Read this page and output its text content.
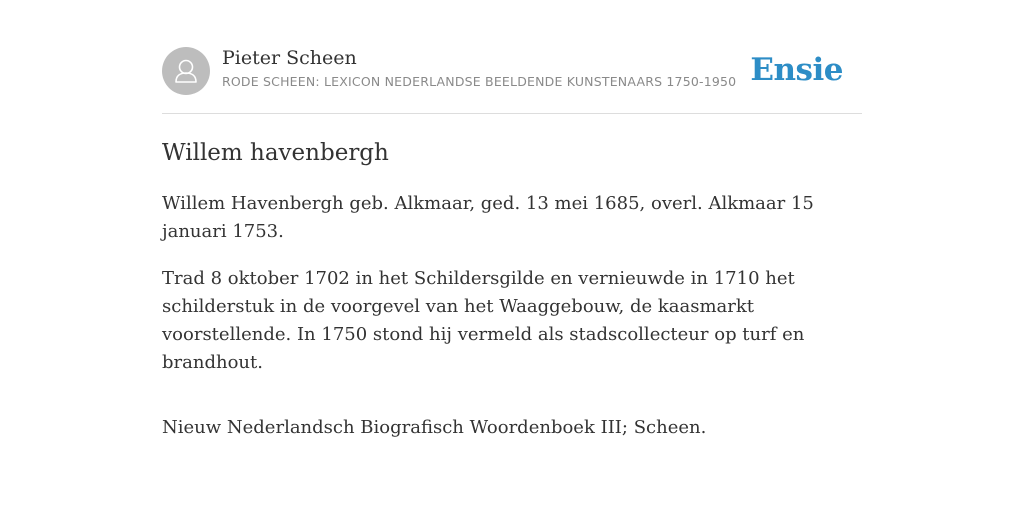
Pieter Scheen
RODE SCHEEN: LEXICON NEDERLANDSE BEELDENDE KUNSTENAARS 1750-1950 Ensie
Willem havenbergh

Willem Havenbergh geb. Alkmaar, ged. 13 mei 1685, overl. Alkmaar 15 januari 1753.

Trad 8 oktober 1702 in het Schildersgilde en vernieuwde in 1710 het schilderstuk in de voorgevel van het Waaggebouw, de kaasmarkt voorstellende. In 1750 stond hij vermeld als stadscollecteur op turf en brandhout.

Nieuw Nederlandsch Biografisch Woordenboek III; Scheen.
